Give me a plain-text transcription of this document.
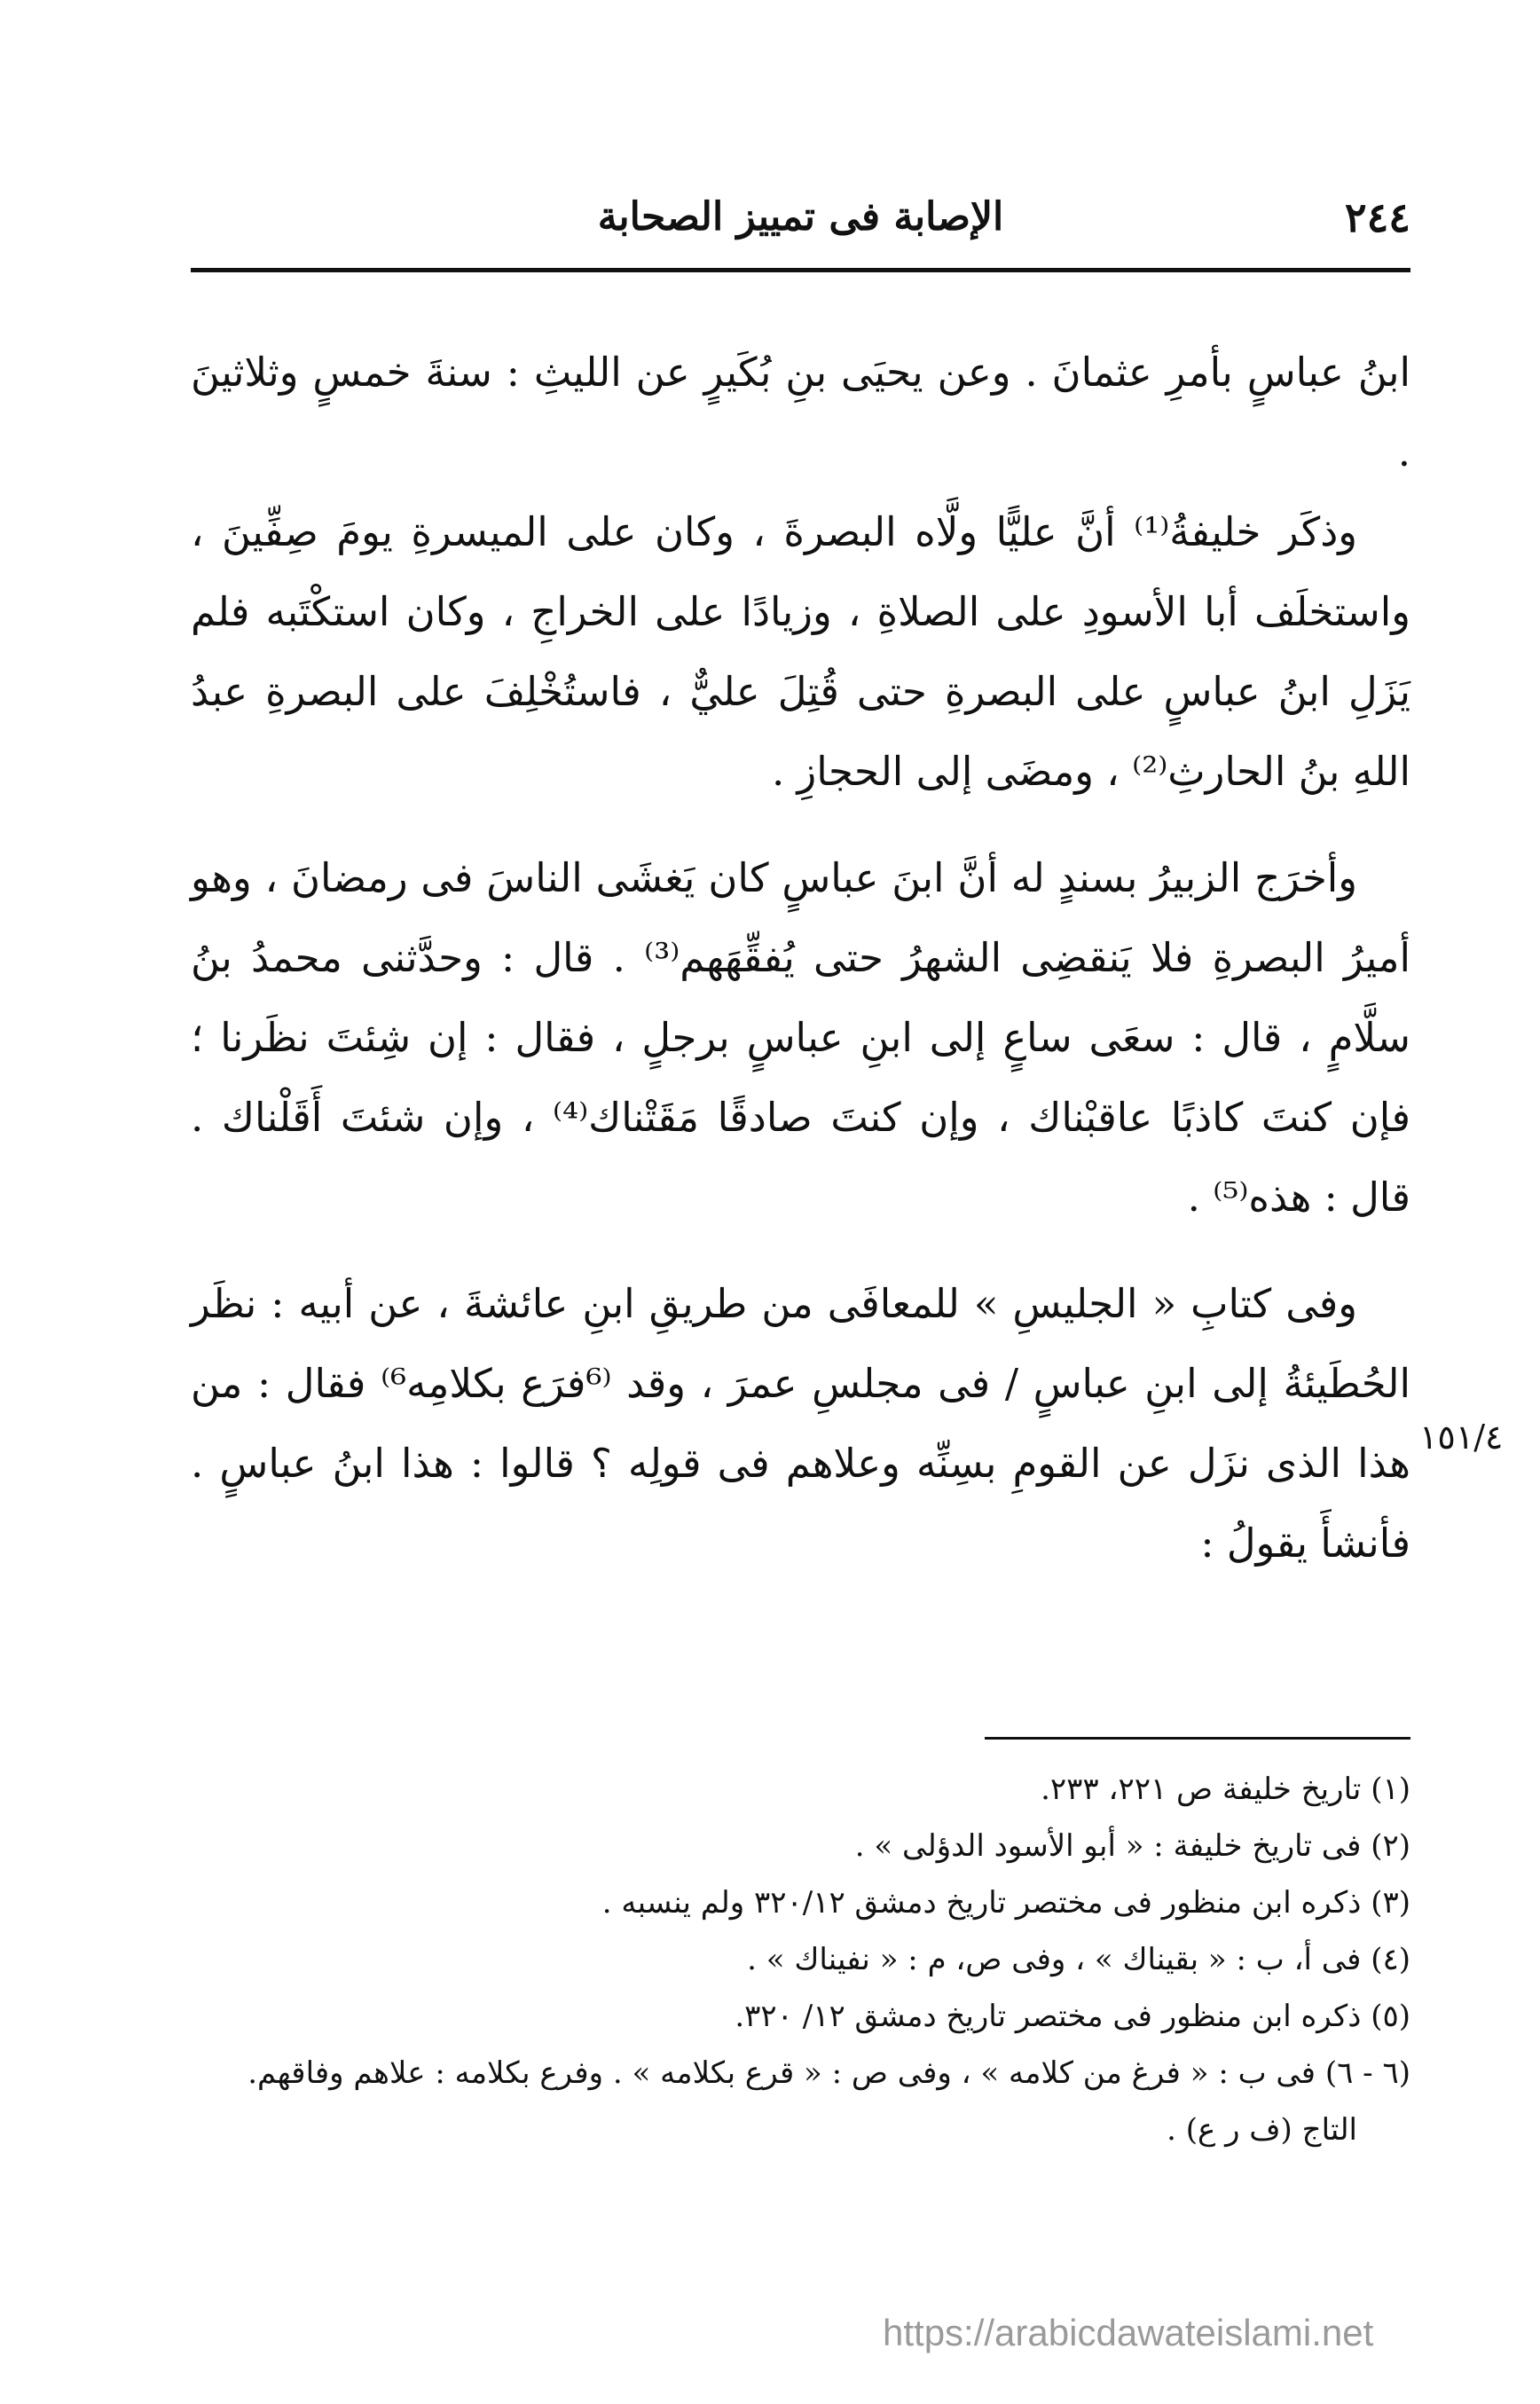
٢٤٤
الإصابة فى تمييز الصحابة

ابنُ عباسٍ بأمرِ عثمانَ . وعن يحيَى بنِ بُكَيرٍ عن الليثِ : سنةَ خمسٍ وثلاثينَ .

وذكَر خليفةُ⁽¹⁾ أنَّ عليًّا ولَّاه البصرةَ ، وكان على الميسرةِ يومَ صِفِّينَ ، واستخلَف أبا الأسودِ على الصلاةِ ، وزيادًا على الخراجِ ، وكان استكْتَبه فلم يَزَلِ ابنُ عباسٍ على البصرةِ حتى قُتِلَ عليٌّ ، فاستُخْلِفَ على البصرةِ عبدُ اللهِ بنُ الحارثِ⁽²⁾ ، ومضَى إلى الحجازِ .

وأخرَج الزبيرُ بسندٍ له أنَّ ابنَ عباسٍ كان يَغشَى الناسَ فى رمضانَ ، وهو أميرُ البصرةِ فلا يَنقضِى الشهرُ حتى يُفقِّهَهم⁽³⁾ . قال : وحدَّثنى محمدُ بنُ سلَّامٍ ، قال : سعَى ساعٍ إلى ابنِ عباسٍ برجلٍ ، فقال : إن شِئتَ نظَرنا ؛ فإن كنتَ كاذبًا عاقبْناك ، وإن كنتَ صادقًا مَقَتْناك⁽⁴⁾ ، وإن شئتَ أَقَلْناك . قال : هذه⁽⁵⁾ .

وفى كتابِ « الجليسِ » للمعافَى من طريقِ ابنِ عائشةَ ، عن أبيه : نظَر الحُطَيئةُ إلى ابنِ عباسٍ / فى مجلسِ عمرَ ، وقد ⁽⁶فرَع بكلامِه⁶⁾ فقال : من هذا الذى نزَل عن القومِ بسِنِّه وعلاهم فى قولِه ؟ قالوا : هذا ابنُ عباسٍ . فأنشأَ يقولُ :

١٥١/٤
(١) تاريخ خليفة ص ٢٢١، ٢٣٣.
(٢) فى تاريخ خليفة : « أبو الأسود الدؤلى » .
(٣) ذكره ابن منظور فى مختصر تاريخ دمشق ٣٢٠/١٢ ولم ينسبه .
(٤) فى أ، ب : « بقيناك » ، وفى ص، م : « نفيناك » .
(٥) ذكره ابن منظور فى مختصر تاريخ دمشق ١٢/ ٣٢٠.
(٦ - ٦) فى ب : « فرغ من كلامه » ، وفى ص : « قرع بكلامه » . وفرع بكلامه : علاهم وفاقهم.
التاج (ف ر ع) .
https://arabicdawateislami.net
